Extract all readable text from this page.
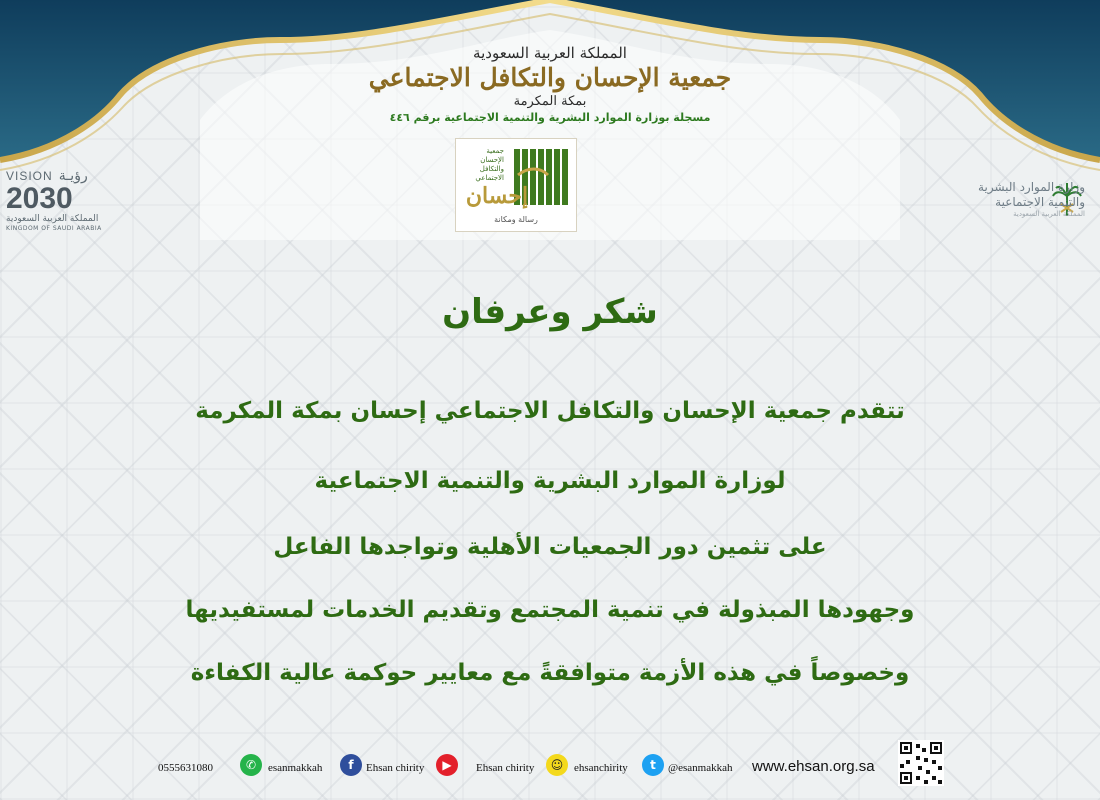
المملكة العربية السعودية
جمعية الإحسان والتكافل الاجتماعي
بمكة المكرمة
مسجلة بوزارة الموارد البشرية والتنمية الاجتماعية برقم ٤٤٦
جمعية الإحسان والتكافل الاجتماعي
إحسان
رسالة ومكانة
VISION رؤيـة
2030
المملكة العربية السعودية
KINGDOM OF SAUDI ARABIA
وزارة الموارد البشرية
والتنمية الاجتماعية
المملكة العربية السعودية
شكر وعرفان
تتقدم جمعية الإحسان والتكافل الاجتماعي إحسان بمكة المكرمة
لوزارة الموارد البشرية والتنمية الاجتماعية
على تثمين دور الجمعيات الأهلية وتواجدها الفاعل
وجهودها المبذولة في تنمية المجتمع وتقديم الخدمات لمستفيديها
وخصوصاً في هذه الأزمة متوافقةً مع معايير حوكمة عالية الكفاءة
0555631080	✆	esanmakkah	f	Ehsan chirity	▶	Ehsan chirity	☺ ehsanchirity	t	@esanmakkah www.ehsan.org.sa
